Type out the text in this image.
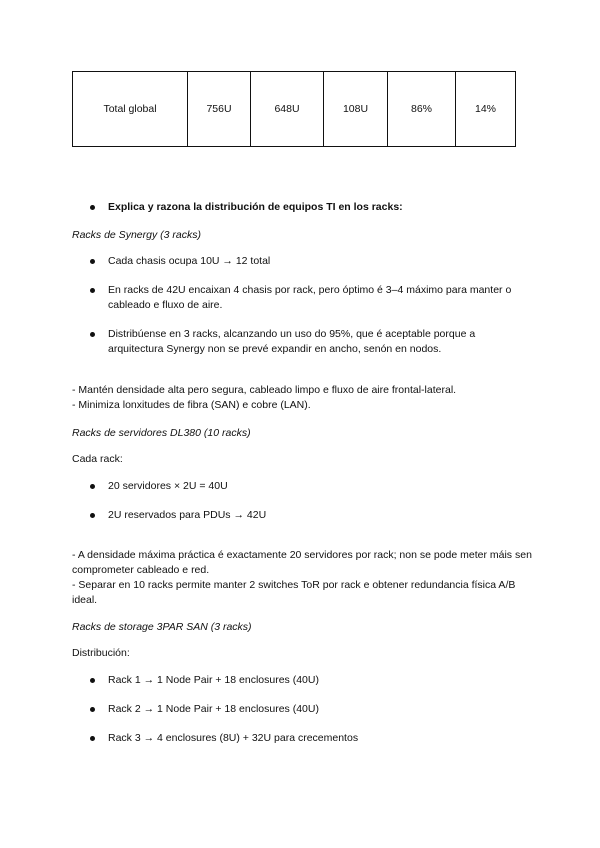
Total global	756U	648U	108U	86%	14%
Explica y razona la distribución de equipos TI en los racks:

Racks de Synergy (3 racks)

Cada chasis ocupa 10U → 12 total
En racks de 42U encaixan 4 chasis por rack, pero óptimo é 3–4 máximo para manter o cableado e fluxo de aire.
Distribúense en 3 racks, alcanzando un uso do 95%, que é aceptable porque a arquitectura Synergy non se prevé expandir en ancho, senón en nodos.

- Mantén densidade alta pero segura, cableado limpo e fluxo de aire frontal-lateral.

- Minimiza lonxitudes de fibra (SAN) e cobre (LAN).

Racks de servidores DL380 (10 racks)

Cada rack:

20 servidores × 2U = 40U
2U reservados para PDUs → 42U

- A densidade máxima práctica é exactamente 20 servidores por rack; non se pode meter máis sen comprometer cableado e red.

- Separar en 10 racks permite manter 2 switches ToR por rack e obtener redundancia física A/B ideal.

Racks de storage 3PAR SAN (3 racks)

Distribución:

Rack 1 → 1 Node Pair + 18 enclosures (40U)
Rack 2 → 1 Node Pair + 18 enclosures (40U)
Rack 3 → 4 enclosures (8U) + 32U para crecementos
